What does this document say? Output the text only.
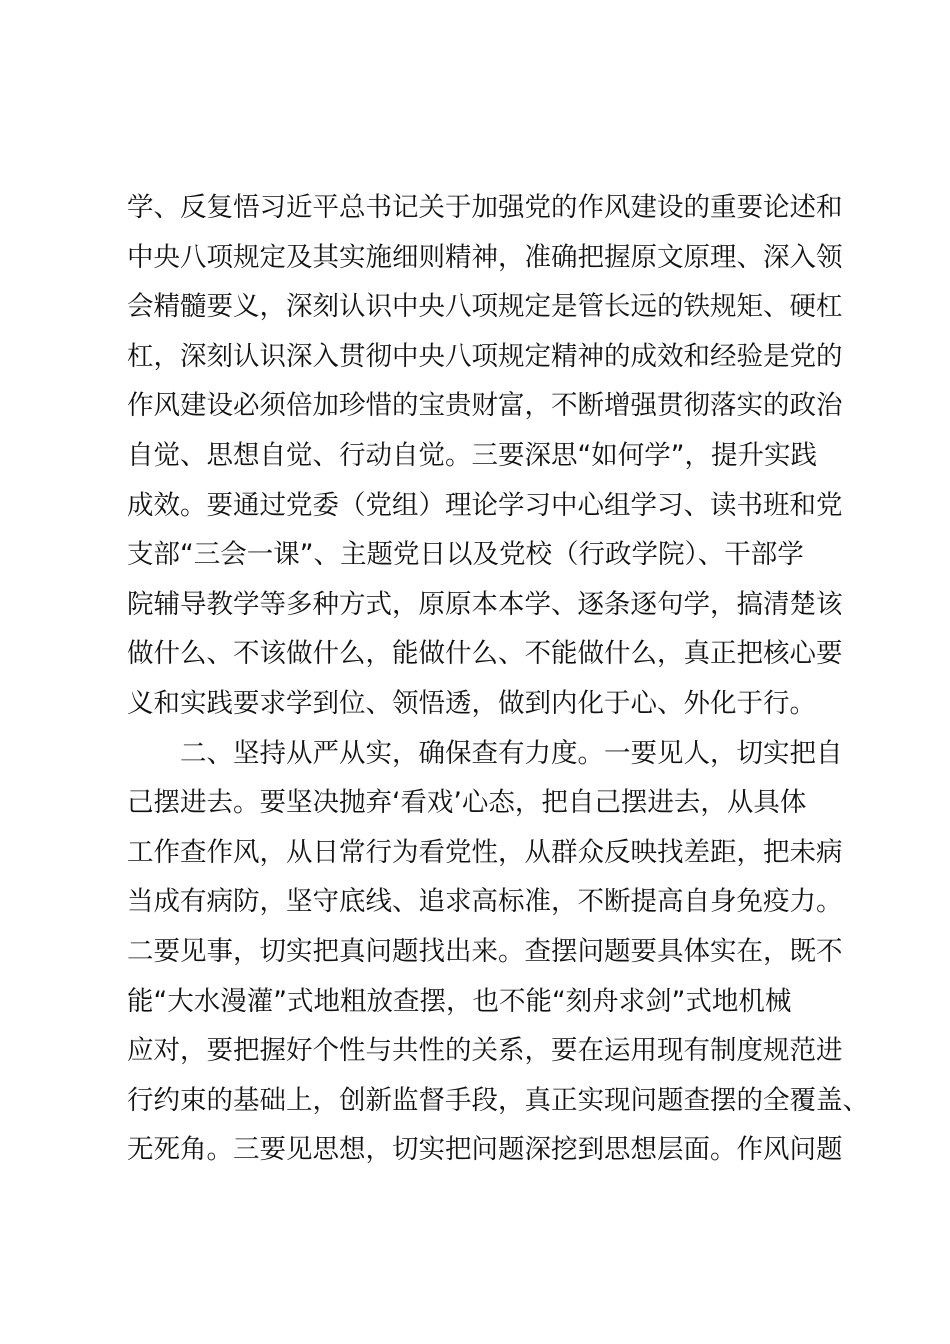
学、反复悟习近平总书记关于加强党的作风建设的重要论述和
中央八项规定及其实施细则精神，准确把握原文原理、深入领
会精髓要义，深刻认识中央八项规定是管长远的铁规矩、硬杠
杠，深刻认识深入贯彻中央八项规定精神的成效和经验是党的
作风建设必须倍加珍惜的宝贵财富，不断增强贯彻落实的政治
自觉、思想自觉、行动自觉。三要深思“如何学”，提升实践
成效。要通过党委（党组）理论学习中心组学习、读书班和党
支部“三会一课”、主题党日以及党校（行政学院）、干部学
院辅导教学等多种方式，原原本本学、逐条逐句学，搞清楚该
做什么、不该做什么，能做什么、不能做什么，真正把核心要
义和实践要求学到位、领悟透，做到内化于心、外化于行。
二、坚持从严从实，确保查有力度。一要见人，切实把自
己摆进去。要坚决抛弃‘看戏’心态，把自己摆进去，从具体
工作查作风，从日常行为看党性，从群众反映找差距，把未病
当成有病防，坚守底线、追求高标准，不断提高自身免疫力。
二要见事，切实把真问题找出来。查摆问题要具体实在，既不
能“大水漫灌”式地粗放查摆，也不能“刻舟求剑”式地机械
应对，要把握好个性与共性的关系，要在运用现有制度规范进
行约束的基础上，创新监督手段，真正实现问题查摆的全覆盖、
无死角。三要见思想，切实把问题深挖到思想层面。作风问题
